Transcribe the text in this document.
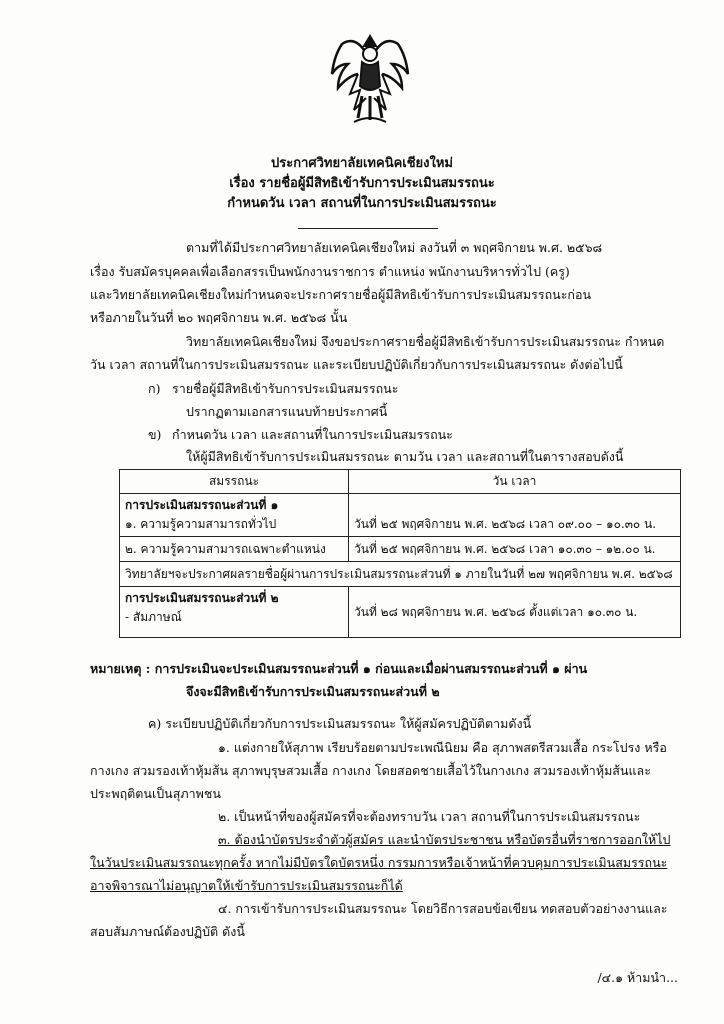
ประกาศวิทยาลัยเทคนิคเชียงใหม่
เรื่อง รายชื่อผู้มีสิทธิเข้ารับการประเมินสมรรถนะ
กำหนดวัน เวลา สถานที่ในการประเมินสมรรถนะ
ตามที่ได้มีประกาศวิทยาลัยเทคนิคเชียงใหม่ ลงวันที่ ๓ พฤศจิกายน พ.ศ. ๒๕๖๘
เรื่อง รับสมัครบุคคลเพื่อเลือกสรรเป็นพนักงานราชการ ตำแหน่ง พนักงานบริหารทั่วไป (ครู)
และวิทยาลัยเทคนิคเชียงใหม่กำหนดจะประกาศรายชื่อผู้มีสิทธิเข้ารับการประเมินสมรรถนะก่อน
หรือภายในวันที่ ๒๐ พฤศจิกายน พ.ศ. ๒๕๖๘ นั้น
วิทยาลัยเทคนิคเชียงใหม่ จึงขอประกาศรายชื่อผู้มีสิทธิเข้ารับการประเมินสมรรถนะ กำหนด
วัน เวลา สถานที่ในการประเมินสมรรถนะ และระเบียบปฏิบัติเกี่ยวกับการประเมินสมรรถนะ ดังต่อไปนี้
ก) รายชื่อผู้มีสิทธิเข้ารับการประเมินสมรรถนะ
ปรากฏตามเอกสารแนบท้ายประกาศนี้
ข) กำหนดวัน เวลา และสถานที่ในการประเมินสมรรถนะ
ให้ผู้มีสิทธิเข้ารับการประเมินสมรรถนะ ตามวัน เวลา และสถานที่ในตารางสอบดังนี้
สมรรถนะ	วัน เวลา

การประเมินสมรรถนะส่วนที่ ๑
๑. ความรู้ความสามารถทั่วไป	วันที่ ๒๕ พฤศจิกายน พ.ศ. ๒๕๖๘ เวลา ๐๙.๐๐ – ๑๐.๓๐ น.
๒. ความรู้ความสามารถเฉพาะตำแหน่ง	วันที่ ๒๕ พฤศจิกายน พ.ศ. ๒๕๖๘ เวลา ๑๐.๓๐ – ๑๒.๐๐ น.
วิทยาลัยฯจะประกาศผลรายชื่อผู้ผ่านการประเมินสมรรถนะส่วนที่ ๑ ภายในวันที่ ๒๗ พฤศจิกายน พ.ศ. ๒๕๖๘	

การประเมินสมรรถนะส่วนที่ ๒
- สัมภาษณ์	วันที่ ๒๘ พฤศจิกายน พ.ศ. ๒๕๖๘ ตั้งแต่เวลา ๑๐.๓๐ น.
หมายเหตุ : การประเมินจะประเมินสมรรถนะส่วนที่ ๑ ก่อนและเมื่อผ่านสมรรถนะส่วนที่ ๑ ผ่าน
จึงจะมีสิทธิเข้ารับการประเมินสมรรถนะส่วนที่ ๒
ค) ระเบียบปฏิบัติเกี่ยวกับการประเมินสมรรถนะ ให้ผู้สมัครปฏิบัติตามดังนี้
๑. แต่งกายให้สุภาพ เรียบร้อยตามประเพณีนิยม คือ สุภาพสตรีสวมเสื้อ กระโปรง หรือ
กางเกง สวมรองเท้าหุ้มส้น สุภาพบุรุษสวมเสื้อ กางเกง โดยสอดชายเสื้อไว้ในกางเกง สวมรองเท้าหุ้มส้นและ
ประพฤติตนเป็นสุภาพชน
๒. เป็นหน้าที่ของผู้สมัครที่จะต้องทราบวัน เวลา สถานที่ในการประเมินสมรรถนะ
๓. ต้องนำบัตรประจำตัวผู้สมัคร และนำบัตรประชาชน หรือบัตรอื่นที่ราชการออกให้ไป
ในวันประเมินสมรรถนะทุกครั้ง หากไม่มีบัตรใดบัตรหนึ่ง กรรมการหรือเจ้าหน้าที่ควบคุมการประเมินสมรรถนะ
อาจพิจารณาไม่อนุญาตให้เข้ารับการประเมินสมรรถนะก็ได้
๔. การเข้ารับการประเมินสมรรถนะ โดยวิธีการสอบข้อเขียน ทดสอบตัวอย่างงานและ
สอบสัมภาษณ์ต้องปฏิบัติ ดังนี้
/๔.๑ ห้ามนำ...
